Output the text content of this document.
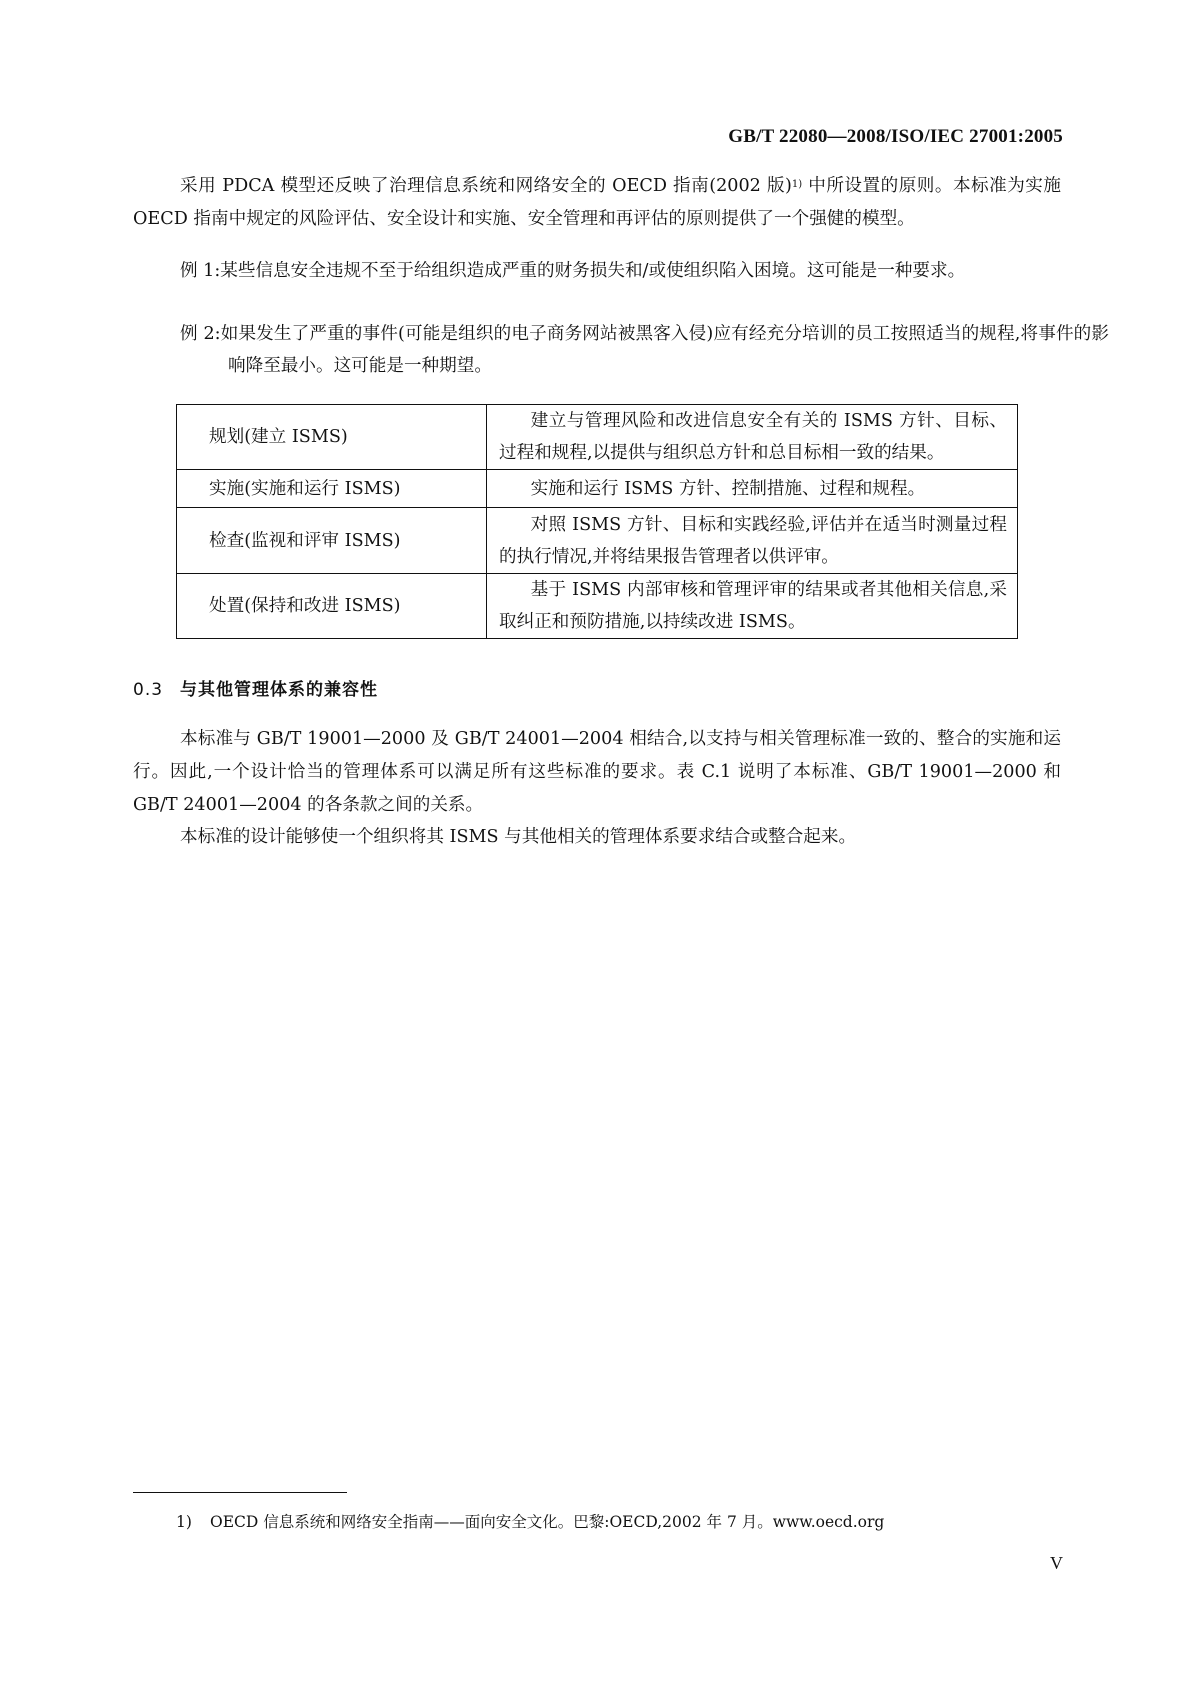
GB/T 22080—2008/ISO/IEC 27001:2005

采用 PDCA 模型还反映了治理信息系统和网络安全的 OECD 指南(2002 版)$^{1)}$ 中所设置的原则。本标准为实施 OECD 指南中规定的风险评估、安全设计和实施、安全管理和再评估的原则提供了一个强健的模型。

例 1:某些信息安全违规不至于给组织造成严重的财务损失和/或使组织陷入困境。这可能是一种要求。

例 2:如果发生了严重的事件(可能是组织的电子商务网站被黑客入侵)应有经充分培训的员工按照适当的规程,将事件的影响降至最小。这可能是一种期望。

规划(建立 ISMS)	建立与管理风险和改进信息安全有关的 ISMS 方针、目标、过程和规程,以提供与组织总方针和总目标相一致的结果。

实施(实施和运行 ISMS)	实施和运行 ISMS 方针、控制措施、过程和规程。

检查(监视和评审 ISMS)	对照 ISMS 方针、目标和实践经验,评估并在适当时测量过程的执行情况,并将结果报告管理者以供评审。

处置(保持和改进 ISMS)	基于 ISMS 内部审核和管理评审的结果或者其他相关信息,采取纠正和预防措施,以持续改进 ISMS。
0.3 与其他管理体系的兼容性

本标准与 GB/T 19001—2000 及 GB/T 24001—2004 相结合,以支持与相关管理标准一致的、整合的实施和运行。因此,一个设计恰当的管理体系可以满足所有这些标准的要求。表 C.1 说明了本标准、GB/T 19001—2000 和 GB/T 24001—2004 的各条款之间的关系。

本标准的设计能够使一个组织将其 ISMS 与其他相关的管理体系要求结合或整合起来。

1) OECD 信息系统和网络安全指南——面向安全文化。巴黎:OECD,2002 年 7 月。www.oecd.org
V
